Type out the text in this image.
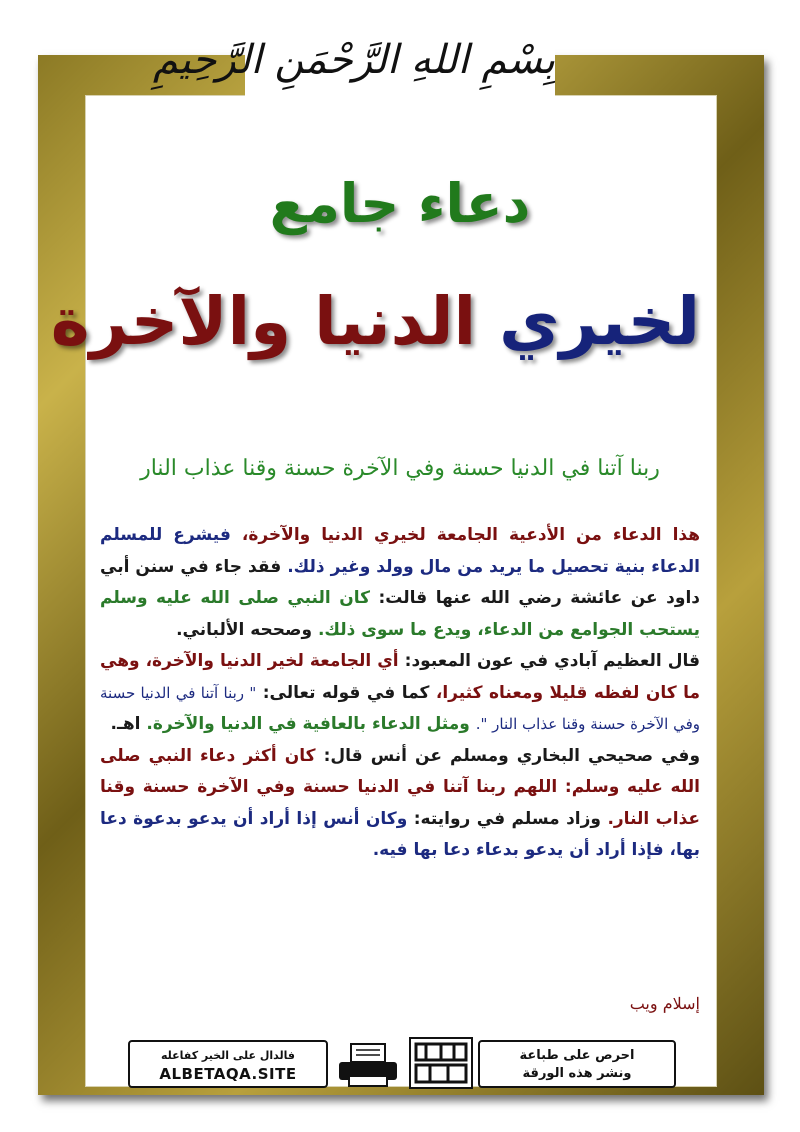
بِسْمِ اللهِ الرَّحْمَنِ الرَّحِيمِ
دعاء جامع
لخيري الدنيا والآخرة
ربنا آتنا في الدنيا حسنة وفي الآخرة حسنة وقنا عذاب النار

هذا الدعاء من الأدعية الجامعة لخيري الدنيا والآخرة، فيشرع للمسلم الدعاء بنية تحصيل ما يريد من مال وولد وغير ذلك. فقد جاء في سنن أبي داود عن عائشة رضي الله عنها قالت: كان النبي صلى الله عليه وسلم يستحب الجوامع من الدعاء، ويدع ما سوى ذلك. وصححه الألباني.

قال العظيم آبادي في عون المعبود: أي الجامعة لخير الدنيا والآخرة، وهي ما كان لفظه قليلا ومعناه كثيرا، كما في قوله تعالى: " ربنا آتنا في الدنيا حسنة وفي الآخرة حسنة وقنا عذاب النار ". ومثل الدعاء بالعافية في الدنيا والآخرة. اهـ.

وفي صحيحي البخاري ومسلم عن أنس قال: كان أكثر دعاء النبي صلى الله عليه وسلم: اللهم ربنا آتنا في الدنيا حسنة وفي الآخرة حسنة وقنا عذاب النار. وزاد مسلم في روايته: وكان أنس إذا أراد أن يدعو بدعوة دعا بها، فإذا أراد أن يدعو بدعاء دعا بها فيه.

إسلام ويب
فالدال على الخير كفاعله
ALBETAQA.SITE
احرص على طباعة
ونشر هذه الورقة
